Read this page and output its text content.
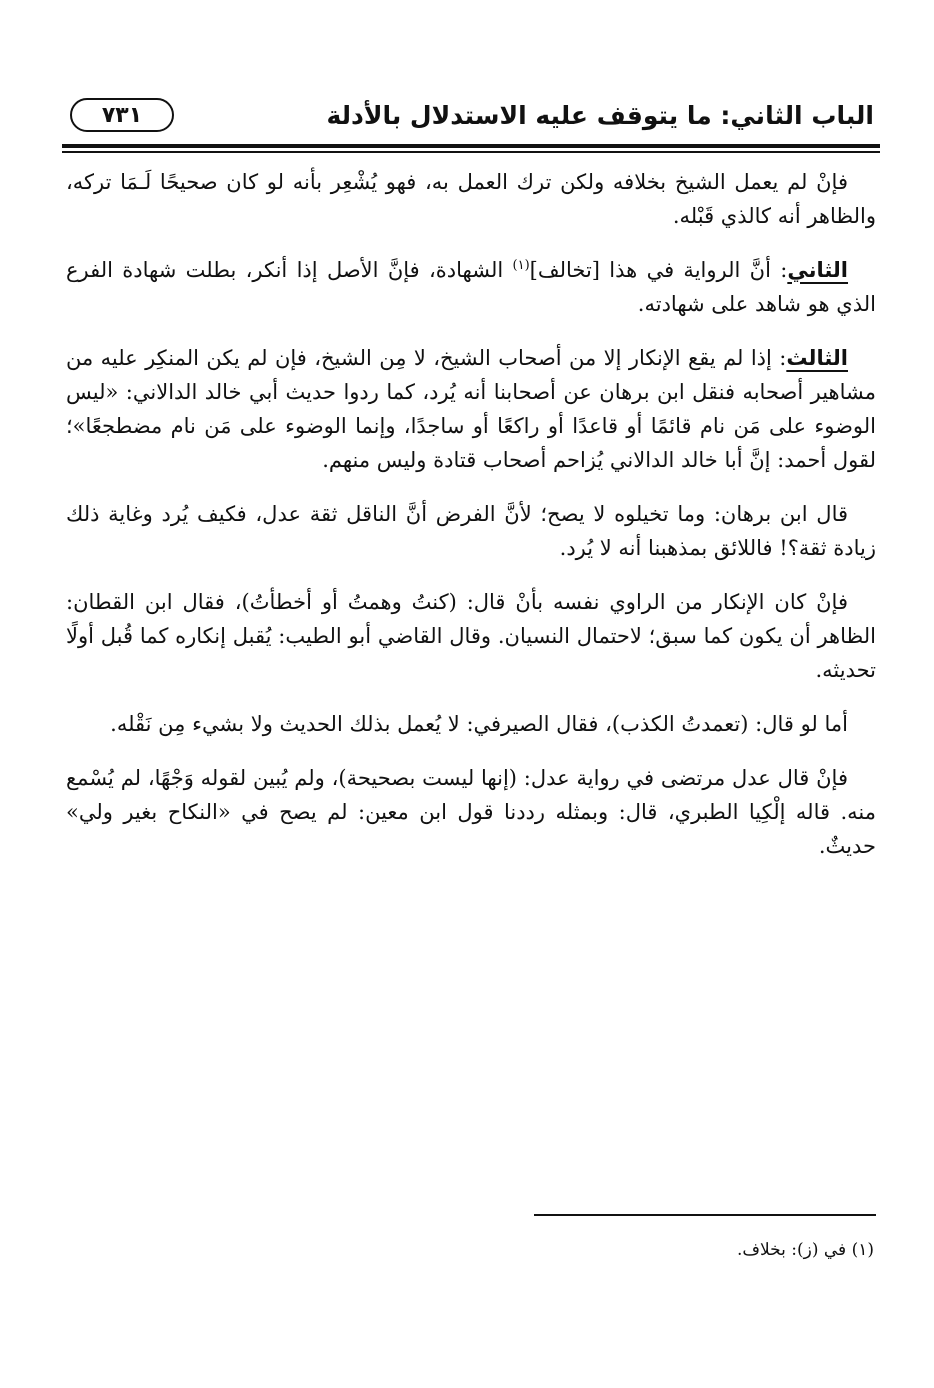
الباب الثاني: ما يتوقف عليه الاستدلال بالأدلة
٧٣١

فإنْ لم يعمل الشيخ بخلافه ولكن ترك العمل به، فهو يُشْعِر بأنه لو كان صحيحًا لَـمَا تركه، والظاهر أنه كالذي قَبْله.

الثاني: أنَّ الرواية في هذا [تخالف]$^{(١)}$ الشهادة، فإنَّ الأصل إذا أنكر، بطلت شهادة الفرع الذي هو شاهد على شهادته.

الثالث: إذا لم يقع الإنكار إلا من أصحاب الشيخ، لا مِن الشيخ، فإن لم يكن المنكِر عليه من مشاهير أصحابه فنقل ابن برهان عن أصحابنا أنه يُرد، كما ردوا حديث أبي خالد الدالاني: «ليس الوضوء على مَن نام قائمًا أو قاعدًا أو راكعًا أو ساجدًا، وإنما الوضوء على مَن نام مضطجعًا»؛ لقول أحمد: إنَّ أبا خالد الدالاني يُزاحم أصحاب قتادة وليس منهم.

قال ابن برهان: وما تخيلوه لا يصح؛ لأنَّ الفرض أنَّ الناقل ثقة عدل، فكيف يُرد وغاية ذلك زيادة ثقة؟! فاللائق بمذهبنا أنه لا يُرد.

فإنْ كان الإنكار من الراوي نفسه بأنْ قال: (كنتُ وهمتُ أو أخطأتُ)، فقال ابن القطان: الظاهر أن يكون كما سبق؛ لاحتمال النسيان. وقال القاضي أبو الطيب: يُقبل إنكاره كما قُبل أولًا تحديثه.

أما لو قال: (تعمدتُ الكذب)، فقال الصيرفي: لا يُعمل بذلك الحديث ولا بشيء مِن نَقْله.

فإنْ قال عدل مرتضى في رواية عدل: (إنها ليست بصحيحة)، ولم يُبين لقوله وَجْهًا، لم يُسْمع منه. قاله إلْكِيا الطبري، قال: وبمثله رددنا قول ابن معين: لم يصح في «النكاح بغير ولي» حديثٌ.

(١) في (ز): بخلاف.
